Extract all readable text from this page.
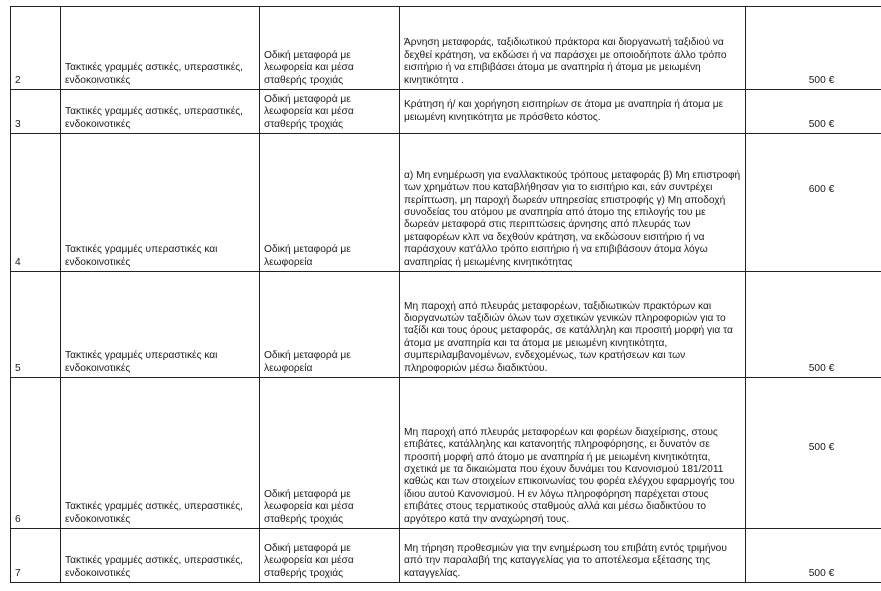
2	Τακτικές γραμμές αστικές, υπεραστικές, ενδοκοινοτικές	Οδική μεταφορά με λεωφορεία και μέσα σταθερής τροχιάς	Άρνηση μεταφοράς, ταξιδιωτικού πράκτορα και διοργανωτή ταξιδιού να δεχθεί κράτηση, να εκδώσει ή να παράσχει με οποιοδήποτε άλλο τρόπο εισιτήριο ή να επιβιβάσει άτομα με αναπηρία ή άτομα με μειωμένη κινητικότητα .	500 €
3	Τακτικές γραμμές αστικές, υπεραστικές, ενδοκοινοτικές	Οδική μεταφορά με λεωφορεία και μέσα σταθερής τροχιάς	Κράτηση ή/ και χορήγηση εισιτηρίων σε άτομα με αναπηρία ή άτομα με μειωμένη κινητικότητα με πρόσθετο κόστος.	500 €
4	Τακτικές γραμμές υπεραστικές και ενδοκοινοτικές	Οδική μεταφορά με λεωφορεία	α) Μη ενημέρωση για εναλλακτικούς τρόπους μεταφοράς β) Μη επιστροφή των χρημάτων που καταβλήθησαν για το εισιτήριο και, εάν συντρέχει περίπτωση, μη παροχή δωρεάν υπηρεσίας επιστροφής γ) Μη αποδοχή συνοδείας του ατόμου με αναπηρία από άτομο της επιλογής του με δωρεάν μεταφορά στις περιπτώσεις άρνησης από πλευράς των μεταφορέων κλπ να δεχθούν κράτηση, να εκδώσουν εισιτήριο ή να παράσχουν κατ'άλλο τρόπο εισιτήριο ή να επιβιβάσουν άτομα λόγω αναπηρίας ή μειωμένης κινητικότητας	600 €
5	Τακτικές γραμμές υπεραστικές και ενδοκοινοτικές	Οδική μεταφορά με λεωφορεία	Μη παροχή από πλευράς μεταφορέων, ταξιδιωτικών πρακτόρων και διοργανωτών ταξιδιών όλων των σχετικών γενικών πληροφοριών για το ταξίδι και τους όρους μεταφοράς, σε κατάλληλη και προσιτή μορφή για τα άτομα με αναπηρία και τα άτομα με μειωμένη κινητικότητα, συμπεριλαμβανομένων, ενδεχομένως, των κρατήσεων και των πληροφοριών μέσω διαδικτύου.	500 €
6	Τακτικές γραμμές αστικές, υπεραστικές, ενδοκοινοτικές	Οδική μεταφορά με λεωφορεία και μέσα σταθερής τροχιάς	Μη παροχή από πλευράς μεταφορέων και φορέων διαχείρισης, στους επιβάτες, κατάλληλης και κατανοητής πληροφόρησης, ει δυνατόν σε προσιτή μορφή από άτομο με αναπηρία ή με μειωμένη κινητικότητα, σχετικά με τα δικαιώματα που έχουν δυνάμει του Κανονισμού 181/2011 καθώς και των στοιχείων επικοινωνίας του φορέα ελέγχου εφαρμογής του ίδιου αυτού Κανονισμού. Η εν λόγω πληροφόρηση παρέχεται στους επιβάτες στους τερματικούς σταθμούς αλλά και μέσω διαδικτύου το αργότερο κατά την αναχώρησή τους.	500 €
7	Τακτικές γραμμές αστικές, υπεραστικές, ενδοκοινοτικές	Οδική μεταφορά με λεωφορεία και μέσα σταθερής τροχιάς	Μη τήρηση προθεσμιών για την ενημέρωση του επιβάτη εντός τριμήνου από την παραλαβή της καταγγελίας για το αποτέλεσμα εξέτασης της καταγγελίας.	500 €
